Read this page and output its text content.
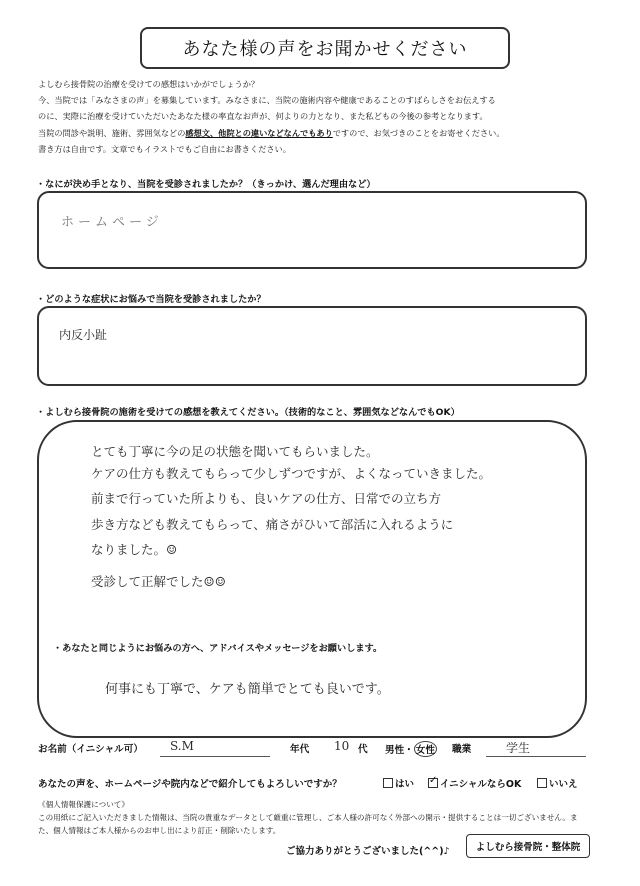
あなた様の声をお聞かせください
よしむら接骨院の治療を受けての感想はいかがでしょうか？
今、当院では「みなさまの声」を募集しています。みなさまに、当院の施術内容や健康であることのすばらしさをお伝えする
のに、実際に治療を受けていただいたあなた様の率直なお声が、何よりの力となり、また私どもの今後の参考となります。
当院の問診や説明、施術、雰囲気などの感想文、他院との違いなどなんでもありですので、お気づきのことをお寄せください。
書き方は自由です。文章でもイラストでもご自由にお書きください。
・なにが決め手となり、当院を受診されましたか？（きっかけ、選んだ理由など）
ホームページ
・どのような症状にお悩みで当院を受診されましたか？
内反小趾
・よしむら接骨院の施術を受けての感想を教えてください。（技術的なこと、雰囲気などなんでもOK）
とても丁寧に今の足の状態を聞いてもらいました。
ケアの仕方も教えてもらって少しずつですが、よくなっていきました。
前まで行っていた所よりも、良いケアの仕方、日常での立ち方
歩き方なども教えてもらって、痛さがひいて部活に入れるように
なりました。☺
受診して正解でした☺☺
・あなたと同じようにお悩みの方へ、アドバイスやメッセージをお願いします。
何事にも丁寧で、ケアも簡単でとても良いです。
お名前（イニシャル可） S.M	年代 10 代 男性・ 女性 職業	学生
あなたの声を、ホームページや院内などで紹介してもよろしいですか？	はい
✓	イニシャルならOK	いいえ
《個人情報保護について》
この用紙にご記入いただきました情報は、当院の貴重なデータとして厳重に管理し、ご本人様の許可なく外部への開示・提供することは一切ございません。ま
た、個人情報はご本人様からのお申し出により訂正・削除いたします。
ご協力ありがとうございました(^^)♪	よしむら接骨院・整体院
